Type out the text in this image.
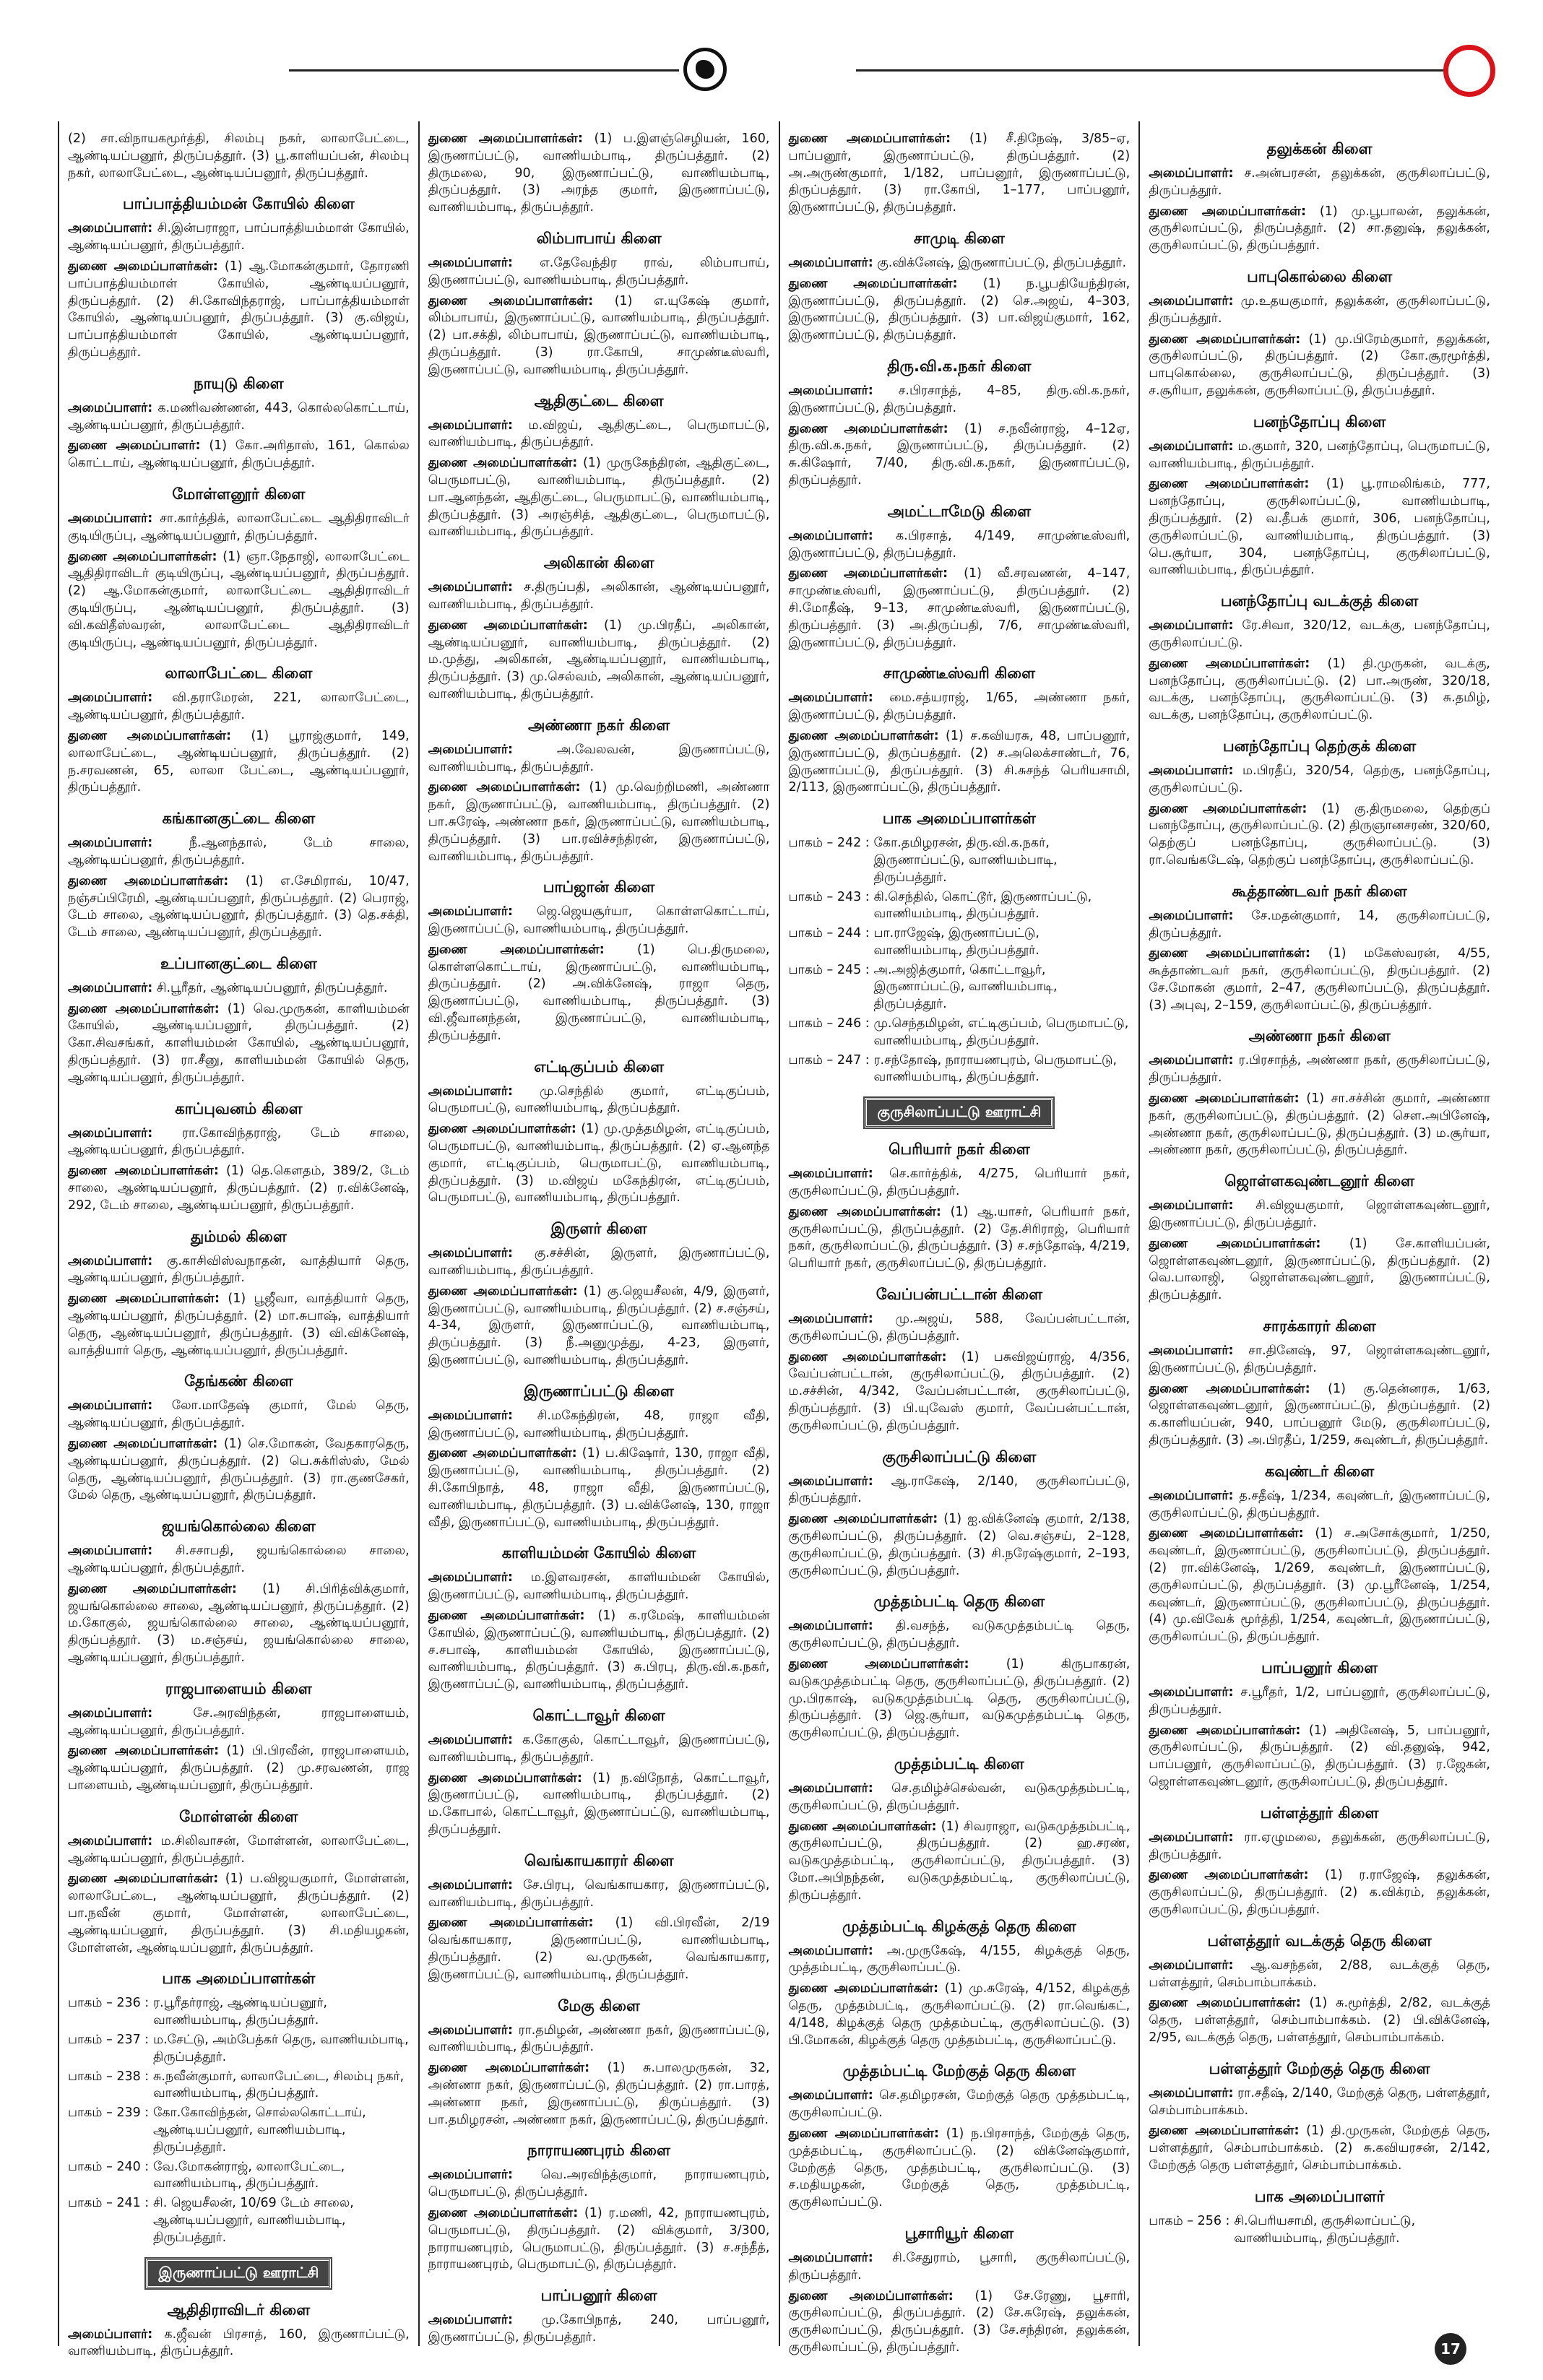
(2) சா.விநாயகமூர்த்தி, சிலம்பு நகர், லாலாபேட்டை, ஆண்டியப்பனூர், திருப்பத்தூர். (3) பூ.காளியப்பன், சிலம்பு நகர், லாலாபேட்டை, ஆண்டியப்பனூர், திருப்பத்தூர்.
பாப்பாத்தியம்மன் கோயில் கிளை
அமைப்பாளர்: சி.இன்பராஜா, பாப்பாத்தியம்மாள் கோயில், ஆண்டியப்பனூர், திருப்பத்தூர்.
துணை அமைப்பாளர்கள்: (1) ஆ.மோகன்குமார், தோரணி பாப்பாத்தியம்மாள் கோயில், ஆண்டியப்பனூர், திருப்பத்தூர். (2) சி.கோவிந்தராஜ், பாப்பாத்தியம்மாள் கோயில், ஆண்டியப்பனூர், திருப்பத்தூர். (3) கு.விஜய், பாப்பாத்தியம்மாள் கோயில், ஆண்டியப்பனூர், திருப்பத்தூர்.
நாயுடு கிளை
அமைப்பாளர்: க.மணிவண்ணன், 443, கொல்லகொட்டாய், ஆண்டியப்பனூர், திருப்பத்தூர்.
துணை அமைப்பாளர்: (1) கோ.அரிதாஸ், 161, கொல்ல கொட்டாய், ஆண்டியப்பனூர், திருப்பத்தூர்.
மோள்ளனூர் கிளை
அமைப்பாளர்: சா.கார்த்திக், லாலாபேட்டை ஆதிதிராவிடர் குடியிருப்பு, ஆண்டியப்பனூர், திருப்பத்தூர்.
துணை அமைப்பாளர்கள்: (1) ஞா.நேதாஜி, லாலாபேட்டை ஆதிதிராவிடர் குடியிருப்பு, ஆண்டியப்பனூர், திருப்பத்தூர். (2) ஆ.மோகன்குமார், லாலாபேட்டை ஆதிதிராவிடர் குடியிருப்பு, ஆண்டியப்பனூர், திருப்பத்தூர். (3) வி.கவிதீஸ்வரன், லாலாபேட்டை ஆதிதிராவிடர் குடியிருப்பு, ஆண்டியப்பனூர், திருப்பத்தூர்.
லாலாபேட்டை கிளை
அமைப்பாளர்: வி.தராமேரன், 221, லாலாபேட்டை, ஆண்டியப்பனூர், திருப்பத்தூர்.
துணை அமைப்பாளர்கள்: (1) பூராஜ்குமார், 149, லாலாபேட்டை, ஆண்டியப்பனூர், திருப்பத்தூர். (2) ந.சரவணன், 65, லாலா பேட்டை, ஆண்டியப்பனூர், திருப்பத்தூர்.
கங்கானகுட்டை கிளை
அமைப்பாளர்: நீ.ஆனந்தால், டேம் சாலை, ஆண்டியப்பனூர், திருப்பத்தூர்.
துணை அமைப்பாளர்கள்: (1) எ.சேமிராவ், 10/47, நஞ்சப்பிரேமி, ஆண்டியப்பனூர், திருப்பத்தூர். (2) பெராஜ், டேம் சாலை, ஆண்டியப்பனூர், திருப்பத்தூர். (3) தெ.சக்தி, டேம் சாலை, ஆண்டியப்பனூர், திருப்பத்தூர்.
உப்பானகுட்டை கிளை
அமைப்பாளர்: சி.பூரீதர், ஆண்டியப்பனூர், திருப்பத்தூர்.
துணை அமைப்பாளர்கள்: (1) வெ.முருகன், காளியம்மன் கோயில், ஆண்டியப்பனூர், திருப்பத்தூர். (2) கோ.சிவசங்கர், காளியம்மன் கோயில், ஆண்டியப்பனூர், திருப்பத்தூர். (3) ரா.சீனு, காளியம்மன் கோயில் தெரு, ஆண்டியப்பனூர், திருப்பத்தூர்.
காப்புவனம் கிளை
அமைப்பாளர்: ரா.கோவிந்தராஜ், டேம் சாலை, ஆண்டியப்பனூர், திருப்பத்தூர்.
துணை அமைப்பாளர்கள்: (1) தெ.கௌதம், 389/2, டேம் சாலை, ஆண்டியப்பனூர், திருப்பத்தூர். (2) ர.விக்னேஷ், 292, டேம் சாலை, ஆண்டியப்பனூர், திருப்பத்தூர்.
தும்மல் கிளை
அமைப்பாளர்: கு.காசிவிஸ்வநாதன், வாத்தியார் தெரு, ஆண்டியப்பனூர், திருப்பத்தூர்.
துணை அமைப்பாளர்கள்: (1) பூஜீவா, வாத்தியார் தெரு, ஆண்டியப்பனூர், திருப்பத்தூர். (2) மா.சுபாஷ், வாத்தியார் தெரு, ஆண்டியப்பனூர், திருப்பத்தூர். (3) வி.விக்னேஷ், வாத்தியார் தெரு, ஆண்டியப்பனூர், திருப்பத்தூர்.
தேங்கண் கிளை
அமைப்பாளர்: லோ.மாதேஷ் குமார், மேல் தெரு, ஆண்டியப்பனூர், திருப்பத்தூர்.
துணை அமைப்பாளர்கள்: (1) செ.மோகன், வேதகாரதெரு, ஆண்டியப்பனூர், திருப்பத்தூர். (2) பெ.சுக்ரிஸ்ஸ், மேல் தெரு, ஆண்டியப்பனூர், திருப்பத்தூர். (3) ரா.குணசேகர், மேல் தெரு, ஆண்டியப்பனூர், திருப்பத்தூர்.
ஜயங்கொல்லை கிளை
அமைப்பாளர்: சி.சசாபதி, ஜயங்கொல்லை சாலை, ஆண்டியப்பனூர், திருப்பத்தூர்.
துணை அமைப்பாளர்கள்: (1) சி.பிரித்விக்குமார், ஜயங்கொல்லை சாலை, ஆண்டியப்பனூர், திருப்பத்தூர். (2) ம.கோகுல், ஜயங்கொல்லை சாலை, ஆண்டியப்பனூர், திருப்பத்தூர். (3) ம.சஞ்சய், ஜயங்கொல்லை சாலை, ஆண்டியப்பனூர், திருப்பத்தூர்.
ராஜபாளையம் கிளை
அமைப்பாளர்: சே.அரவிந்தன், ராஜபாளையம், ஆண்டியப்பனூர், திருப்பத்தூர்.
துணை அமைப்பாளர்கள்: (1) பி.பிரவீன், ராஜபாளையம், ஆண்டியப்பனூர், திருப்பத்தூர். (2) மு.சரவணன், ராஜ பாளையம், ஆண்டியப்பனூர், திருப்பத்தூர்.
மோள்ளன் கிளை
அமைப்பாளர்: ம.சிலிவாசன், மோள்ளன், லாலாபேட்டை, ஆண்டியப்பனூர், திருப்பத்தூர்.
துணை அமைப்பாளர்கள்: (1) ப.விஜயகுமார், மோள்ளன், லாலாபேட்டை, ஆண்டியப்பனூர், திருப்பத்தூர். (2) பா.நவீன் குமார், மோள்ளன், லாலாபேட்டை, ஆண்டியப்பனூர், திருப்பத்தூர். (3) சி.மதியழகன், மோள்ளன், ஆண்டியப்பனூர், திருப்பத்தூர்.
பாக அமைப்பாளர்கள்
பாகம் – 236 : ர.பூரீதர்ராஜ், ஆண்டியப்பனூர், வாணியம்பாடி, திருப்பத்தூர்.
பாகம் – 237 : ம.சேட்டு, அம்பேத்கர் தெரு, வாணியம்பாடி, திருப்பத்தூர்.
பாகம் – 238 : சு.நவீன்குமார், லாலாபேட்டை, சிலம்பு நகர், வாணியம்பாடி, திருப்பத்தூர்.
பாகம் – 239 : கோ.கோவிந்தன், சொல்லகொட்டாய், ஆண்டியப்பனூர், வாணியம்பாடி, திருப்பத்தூர்.
பாகம் – 240 : வே.மோகன்ராஜ், லாலாபேட்டை, வாணியம்பாடி, திருப்பத்தூர்.
பாகம் – 241 : சி. ஜெயசீலன், 10/69 டேம் சாலை, ஆண்டியப்பனூர், வாணியம்பாடி, திருப்பத்தூர்.
இருணாப்பட்டு ஊராட்சி
ஆதிதிராவிடர் கிளை
அமைப்பாளர்: க.ஜீவன் பிரசாத், 160, இருணாப்பட்டு, வாணியம்பாடி, திருப்பத்தூர்.
துணை அமைப்பாளர்கள்: (1) ப.இளஞ்செழியன், 160, இருணாப்பட்டு, வாணியம்பாடி, திருப்பத்தூர். (2) திருமலை, 90, இருணாப்பட்டு, வாணியம்பாடி, திருப்பத்தூர். (3) அரந்த குமார், இருணாப்பட்டு, வாணியம்பாடி, திருப்பத்தூர்.
லிம்பாபாய் கிளை
அமைப்பாளர்: எ.தேவேந்திர ராவ், லிம்பாபாய், இருணாப்பட்டு, வாணியம்பாடி, திருப்பத்தூர்.
துணை அமைப்பாளர்கள்: (1) எ.யுகேஷ் குமார், லிம்பாபாய், இருணாப்பட்டு, வாணியம்பாடி, திருப்பத்தூர். (2) பா.சக்தி, லிம்பாபாய், இருணாப்பட்டு, வாணியம்பாடி, திருப்பத்தூர். (3) ரா.கோபி, சாமுண்டீஸ்வரி, இருணாப்பட்டு, வாணியம்பாடி, திருப்பத்தூர்.
ஆதிகுட்டை கிளை
அமைப்பாளர்: ம.விஜய், ஆதிகுட்டை, பெருமாபட்டு, வாணியம்பாடி, திருப்பத்தூர்.
துணை அமைப்பாளர்கள்: (1) முருகேந்திரன், ஆதிகுட்டை, பெருமாபட்டு, வாணியம்பாடி, திருப்பத்தூர். (2) பா.ஆனந்தன், ஆதிகுட்டை, பெருமாபட்டு, வாணியம்பாடி, திருப்பத்தூர். (3) அரஞ்சித், ஆதிகுட்டை, பெருமாபட்டு, வாணியம்பாடி, திருப்பத்தூர்.
அலிகான் கிளை
அமைப்பாளர்: ச.திருப்பதி, அலிகான், ஆண்டியப்பனூர், வாணியம்பாடி, திருப்பத்தூர்.
துணை அமைப்பாளர்கள்: (1) மு.பிரதீப், அலிகான், ஆண்டியப்பனூர், வாணியம்பாடி, திருப்பத்தூர். (2) ம.முத்து, அலிகான், ஆண்டியப்பனூர், வாணியம்பாடி, திருப்பத்தூர். (3) மு.செல்வம், அலிகான், ஆண்டியப்பனூர், வாணியம்பாடி, திருப்பத்தூர்.
அண்ணா நகர் கிளை
அமைப்பாளர்: அ.வேலவன், இருணாப்பட்டு, வாணியம்பாடி, திருப்பத்தூர்.
துணை அமைப்பாளர்கள்: (1) மு.வெற்றிமணி, அண்ணா நகர், இருணாப்பட்டு, வாணியம்பாடி, திருப்பத்தூர். (2) பா.சுரேஷ், அண்ணா நகர், இருணாப்பட்டு, வாணியம்பாடி, திருப்பத்தூர். (3) பா.ரவிச்சந்திரன், இருணாப்பட்டு, வாணியம்பாடி, திருப்பத்தூர்.
பாப்ஜான் கிளை
அமைப்பாளர்: ஜெ.ஜெயசூர்யா, கொள்ளகொட்டாய், இருணாப்பட்டு, வாணியம்பாடி, திருப்பத்தூர்.
துணை அமைப்பாளர்கள்: (1) பெ.திருமலை, கொள்ளகொட்டாய், இருணாப்பட்டு, வாணியம்பாடி, திருப்பத்தூர். (2) அ.விக்னேஷ், ராஜா தெரு, இருணாப்பட்டு, வாணியம்பாடி, திருப்பத்தூர். (3) வி.ஜீவானந்தன், இருணாப்பட்டு, வாணியம்பாடி, திருப்பத்தூர்.
எட்டிகுப்பம் கிளை
அமைப்பாளர்: மு.செந்தில் குமார், எட்டிகுப்பம், பெருமாபட்டு, வாணியம்பாடி, திருப்பத்தூர்.
துணை அமைப்பாளர்கள்: (1) மு.முத்தமிழன், எட்டிகுப்பம், பெருமாபட்டு, வாணியம்பாடி, திருப்பத்தூர். (2) ஏ.ஆனந்த குமார், எட்டிகுப்பம், பெருமாபட்டு, வாணியம்பாடி, திருப்பத்தூர். (3) ம.விஜய் மகேந்திரன், எட்டிகுப்பம், பெருமாபட்டு, வாணியம்பாடி, திருப்பத்தூர்.
இருளர் கிளை
அமைப்பாளர்: கு.சச்சின், இருளர், இருணாப்பட்டு, வாணியம்பாடி, திருப்பத்தூர்.
துணை அமைப்பாளர்கள்: (1) கு.ஜெயசீலன், 4/9, இருளர், இருணாப்பட்டு, வாணியம்பாடி, திருப்பத்தூர். (2) ச.சஞ்சய், 4-34, இருளர், இருணாப்பட்டு, வாணியம்பாடி, திருப்பத்தூர். (3) நீ.அனுமுத்து, 4-23, இருளர், இருணாப்பட்டு, வாணியம்பாடி, திருப்பத்தூர்.
இருணாப்பட்டு கிளை
அமைப்பாளர்: சி.மகேந்திரன், 48, ராஜா வீதி, இருணாப்பட்டு, வாணியம்பாடி, திருப்பத்தூர்.
துணை அமைப்பாளர்கள்: (1) ப.கிஷோர், 130, ராஜா வீதி, இருணாப்பட்டு, வாணியம்பாடி, திருப்பத்தூர். (2) சி.கோபிநாத், 48, ராஜா வீதி, இருணாப்பட்டு, வாணியம்பாடி, திருப்பத்தூர். (3) ப.விக்னேஷ், 130, ராஜா வீதி, இருணாப்பட்டு, வாணியம்பாடி, திருப்பத்தூர்.
காளியம்மன் கோயில் கிளை
அமைப்பாளர்: ம.இளவரசன், காளியம்மன் கோயில், இருணாப்பட்டு, வாணியம்பாடி, திருப்பத்தூர்.
துணை அமைப்பாளர்கள்: (1) க.ரமேஷ், காளியம்மன் கோயில், இருணாப்பட்டு, வாணியம்பாடி, திருப்பத்தூர். (2) ச.சபாஷ், காளியம்மன் கோயில், இருணாப்பட்டு, வாணியம்பாடி, திருப்பத்தூர். (3) சு.பிரபு, திரு.வி.க.நகர், இருணாப்பட்டு, வாணியம்பாடி, திருப்பத்தூர்.
கொட்டாவூர் கிளை
அமைப்பாளர்: க.கோகுல், கொட்டாவூர், இருணாப்பட்டு, வாணியம்பாடி, திருப்பத்தூர்.
துணை அமைப்பாளர்கள்: (1) ந.விநோத், கொட்டாவூர், இருணாப்பட்டு, வாணியம்பாடி, திருப்பத்தூர். (2) ம.கோபால், கொட்டாவூர், இருணாப்பட்டு, வாணியம்பாடி, திருப்பத்தூர்.
வெங்காயகாரர் கிளை
அமைப்பாளர்: சே.பிரபு, வெங்காயகார, இருணாப்பட்டு, வாணியம்பாடி, திருப்பத்தூர்.
துணை அமைப்பாளர்கள்: (1) வி.பிரவீன், 2/19 வெங்காயகார, இருணாப்பட்டு, வாணியம்பாடி, திருப்பத்தூர். (2) வ.முருகன், வெங்காயகார, இருணாப்பட்டு, வாணியம்பாடி, திருப்பத்தூர்.
மேகு கிளை
அமைப்பாளர்: ரா.தமிழன், அண்ணா நகர், இருணாப்பட்டு, வாணியம்பாடி, திருப்பத்தூர்.
துணை அமைப்பாளர்கள்: (1) சு.பாலமுருகன், 32, அண்ணா நகர், இருணாப்பட்டு, திருப்பத்தூர். (2) ரா.பாரத், அண்ணா நகர், இருணாப்பட்டு, திருப்பத்தூர். (3) பா.தமிழரசன், அண்ணா நகர், இருணாப்பட்டு, திருப்பத்தூர்.
நாராயணபுரம் கிளை
அமைப்பாளர்: வெ.அரவிந்த்குமார், நாராயணபுரம், பெருமாபட்டு, திருப்பத்தூர்.
துணை அமைப்பாளர்கள்: (1) ர.மணி, 42, நாராயணபுரம், பெருமாபட்டு, திருப்பத்தூர். (2) விக்குமார், 3/300, நாராயணபுரம், பெருமாபட்டு, திருப்பத்தூர். (3) ச.சந்தீத், நாராயணபுரம், பெருமாபட்டு, திருப்பத்தூர்.
பாப்பனூர் கிளை
அமைப்பாளர்: மு.கோபிநாத், 240, பாப்பனூர், இருணாப்பட்டு, திருப்பத்தூர்.
துணை அமைப்பாளர்கள்: (1) சீ.திநேஷ், 3/85–ஏ, பாப்பனூர், இருணாப்பட்டு, திருப்பத்தூர். (2) அ.அருண்குமார், 1/182, பாப்பனூர், இருணாப்பட்டு, திருப்பத்தூர். (3) ரா.கோபி, 1–177, பாப்பனூர், இருணாப்பட்டு, திருப்பத்தூர்.
சாமுடி கிளை
அமைப்பாளர்: கு.விக்னேஷ், இருணாப்பட்டு, திருப்பத்தூர்.
துணை அமைப்பாளர்கள்: (1) ந.பூபதியேந்திரன், இருணாப்பட்டு, திருப்பத்தூர். (2) செ.அஜய், 4–303, இருணாப்பட்டு, திருப்பத்தூர். (3) பா.விஜய்குமார், 162, இருணாப்பட்டு, திருப்பத்தூர்.
திரு.வி.க.நகர் கிளை
அமைப்பாளர்: ச.பிரசாந்த், 4–85, திரு.வி.க.நகர், இருணாப்பட்டு, திருப்பத்தூர்.
துணை அமைப்பாளர்கள்: (1) ச.நவீன்ராஜ், 4–12ஏ, திரு.வி.க.நகர், இருணாப்பட்டு, திருப்பத்தூர். (2) சு.கிஷோர், 7/40, திரு.வி.க.நகர், இருணாப்பட்டு, திருப்பத்தூர்.
அமட்டாமேடு கிளை
அமைப்பாளர்: க.பிரசாத், 4/149, சாமுண்டீஸ்வரி, இருணாப்பட்டு, திருப்பத்தூர்.
துணை அமைப்பாளர்கள்: (1) வீ.சரவணன், 4–147, சாமுண்டீஸ்வரி, இருணாப்பட்டு, திருப்பத்தூர். (2) சி.மோதீஷ், 9–13, சாமுண்டீஸ்வரி, இருணாப்பட்டு, திருப்பத்தூர். (3) அ.திருப்பதி, 7/6, சாமுண்டீஸ்வரி, இருணாப்பட்டு, திருப்பத்தூர்.
சாமுண்டீஸ்வரி கிளை
அமைப்பாளர்: மை.சத்யராஜ், 1/65, அண்ணா நகர், இருணாப்பட்டு, திருப்பத்தூர்.
துணை அமைப்பாளர்கள்: (1) ச.கவியரசு, 48, பாப்பனூர், இருணாப்பட்டு, திருப்பத்தூர். (2) ச.அலெக்சாண்டர், 76, இருணாப்பட்டு, திருப்பத்தூர். (3) சி.சுசந்த் பெரியசாமி, 2/113, இருணாப்பட்டு, திருப்பத்தூர்.
பாக அமைப்பாளர்கள்
பாகம் – 242 : கோ.தமிழரசன், திரு.வி.க.நகர், இருணாப்பட்டு, வாணியம்பாடி, திருப்பத்தூர்.
பாகம் – 243 : கி.செந்தில், கொட்டூர், இருணாப்பட்டு, வாணியம்பாடி, திருப்பத்தூர்.
பாகம் – 244 : பா.ராஜேஷ், இருணாப்பட்டு, வாணியம்பாடி, திருப்பத்தூர்.
பாகம் – 245 : அ.அஜித்குமார், கொட்டாவூர், இருணாப்பட்டு, வாணியம்பாடி, திருப்பத்தூர்.
பாகம் – 246 : மு.செந்தமிழன், எட்டிகுப்பம், பெருமாபட்டு, வாணியம்பாடி, திருப்பத்தூர்.
பாகம் – 247 : ர.சந்தோஷ், நாராயணபுரம், பெருமாபட்டு, வாணியம்பாடி, திருப்பத்தூர்.
குருசிலாப்பட்டு ஊராட்சி
பெரியார் நகர் கிளை
அமைப்பாளர்: செ.கார்த்திக், 4/275, பெரியார் நகர், குருசிலாப்பட்டு, திருப்பத்தூர்.
துணை அமைப்பாளர்கள்: (1) ஆ.யாசர், பெரியார் நகர், குருசிலாப்பட்டு, திருப்பத்தூர். (2) தே.சிரிராஜ், பெரியார் நகர், குருசிலாப்பட்டு, திருப்பத்தூர். (3) ச.சந்தோஷ், 4/219, பெரியார் நகர், குருசிலாப்பட்டு, திருப்பத்தூர்.
வேப்பன்பட்டான் கிளை
அமைப்பாளர்: மு.அஜய், 588, வேப்பன்பட்டான், குருசிலாப்பட்டு, திருப்பத்தூர்.
துணை அமைப்பாளர்கள்: (1) பசுவிஜய்ராஜ், 4/356, வேப்பன்பட்டான், குருசிலாப்பட்டு, திருப்பத்தூர். (2) ம.சச்சின், 4/342, வேப்பன்பட்டான், குருசிலாப்பட்டு, திருப்பத்தூர். (3) பி.யுவேஸ் குமார், வேப்பன்பட்டான், குருசிலாப்பட்டு, திருப்பத்தூர்.
குருசிலாப்பட்டு கிளை
அமைப்பாளர்: ஆ.ராகேஷ், 2/140, குருசிலாப்பட்டு, திருப்பத்தூர்.
துணை அமைப்பாளர்கள்: (1) ஐ.விக்னேஷ் குமார், 2/138, குருசிலாப்பட்டு, திருப்பத்தூர். (2) வெ.சஞ்சய், 2–128, குருசிலாப்பட்டு, திருப்பத்தூர். (3) சி.நரேஷ்குமார், 2–193, குருசிலாப்பட்டு, திருப்பத்தூர்.
முத்தம்பட்டி தெரு கிளை
அமைப்பாளர்: தி.வசந்த், வடுகமுத்தம்பட்டி தெரு, குருசிலாப்பட்டு, திருப்பத்தூர்.
துணை அமைப்பாளர்கள்: (1) கிருபாகரன், வடுகமுத்தம்பட்டி தெரு, குருசிலாப்பட்டு, திருப்பத்தூர். (2) மு.பிரகாஷ், வடுகமுத்தம்பட்டி தெரு, குருசிலாப்பட்டு, திருப்பத்தூர். (3) ஜெ.சூர்யா, வடுகமுத்தம்பட்டி தெரு, குருசிலாப்பட்டு, திருப்பத்தூர்.
முத்தம்பட்டி கிளை
அமைப்பாளர்: செ.தமிழ்ச்செல்வன், வடுகமுத்தம்பட்டி, குருசிலாப்பட்டு, திருப்பத்தூர்.
துணை அமைப்பாளர்கள்: (1) சிவராஜா, வடுகமுத்தம்பட்டி, குருசிலாப்பட்டு, திருப்பத்தூர். (2) ஹ.சரண், வடுகமுத்தம்பட்டி, குருசிலாப்பட்டு, திருப்பத்தூர். (3) மோ.அபிநந்தன், வடுகமுத்தம்பட்டி, குருசிலாப்பட்டு, திருப்பத்தூர்.
முத்தம்பட்டி கிழக்குத் தெரு கிளை
அமைப்பாளர்: அ.முருகேஷ், 4/155, கிழக்குத் தெரு, முத்தம்பட்டி, குருசிலாப்பட்டு.
துணை அமைப்பாளர்கள்: (1) மு.சுரேஷ், 4/152, கிழக்குத் தெரு, முத்தம்பட்டி, குருசிலாப்பட்டு. (2) ரா.வெங்கட், 4/148, கிழக்குத் தெரு முத்தம்பட்டி, குருசிலாப்பட்டு. (3) பி.மோகன், கிழக்குத் தெரு முத்தம்பட்டி, குருசிலாப்பட்டு.
முத்தம்பட்டி மேற்குத் தெரு கிளை
அமைப்பாளர்: செ.தமிழரசன், மேற்குத் தெரு முத்தம்பட்டி, குருசிலாப்பட்டு.
துணை அமைப்பாளர்கள்: (1) ந.பிரசாந்த், மேற்குத் தெரு, முத்தம்பட்டி, குருசிலாப்பட்டு. (2) விக்னேஷ்குமார், மேற்குத் தெரு, முத்தம்பட்டி, குருசிலாப்பட்டு. (3) ச.மதியழகன், மேற்குத் தெரு, முத்தம்பட்டி, குருசிலாப்பட்டு.
பூசாரியூர் கிளை
அமைப்பாளர்: சி.சேதுராம், பூசாரி, குருசிலாப்பட்டு, திருப்பத்தூர்.
துணை அமைப்பாளர்கள்: (1) சே.ரேணு, பூசாரி, குருசிலாப்பட்டு, திருப்பத்தூர். (2) சே.சுரேஷ், தலுக்கன், குருசிலாப்பட்டு, திருப்பத்தூர். (3) சே.சந்திரன், தலுக்கன், குருசிலாப்பட்டு, திருப்பத்தூர்.
தலுக்கன் கிளை
அமைப்பாளர்: ச.அன்பரசன், தலுக்கன், குருசிலாப்பட்டு, திருப்பத்தூர்.
துணை அமைப்பாளர்கள்: (1) மு.பூபாலன், தலுக்கன், குருசிலாப்பட்டு, திருப்பத்தூர். (2) சா.தனுஷ், தலுக்கன், குருசிலாப்பட்டு, திருப்பத்தூர்.
பாபுகொல்லை கிளை
அமைப்பாளர்: மு.உதயகுமார், தலுக்கன், குருசிலாப்பட்டு, திருப்பத்தூர்.
துணை அமைப்பாளர்கள்: (1) மு.பிரேம்குமார், தலுக்கன், குருசிலாப்பட்டு, திருப்பத்தூர். (2) கோ.சூரமூர்த்தி, பாபுகொல்லை, குருசிலாப்பட்டு, திருப்பத்தூர். (3) ச.சூரியா, தலுக்கன், குருசிலாப்பட்டு, திருப்பத்தூர்.
பனந்தோப்பு கிளை
அமைப்பாளர்: ம.குமார், 320, பனந்தோப்பு, பெருமாபட்டு, வாணியம்பாடி, திருப்பத்தூர்.
துணை அமைப்பாளர்கள்: (1) பூ.ராமலிங்கம், 777, பனந்தோப்பு, குருசிலாப்பட்டு, வாணியம்பாடி, திருப்பத்தூர். (2) வ.தீபக் குமார், 306, பனந்தோப்பு, குருசிலாப்பட்டு, வாணியம்பாடி, திருப்பத்தூர். (3) பெ.சூர்யா, 304, பனந்தோப்பு, குருசிலாப்பட்டு, வாணியம்பாடி, திருப்பத்தூர்.
பனந்தோப்பு வடக்குத் கிளை
அமைப்பாளர்: ரே.சிவா, 320/12, வடக்கு, பனந்தோப்பு, குருசிலாப்பட்டு.
துணை அமைப்பாளர்கள்: (1) தி.முருகன், வடக்கு, பனந்தோப்பு, குருசிலாப்பட்டு. (2) பா.அருண், 320/18, வடக்கு, பனந்தோப்பு, குருசிலாப்பட்டு. (3) சு.தமிழ், வடக்கு, பனந்தோப்பு, குருசிலாப்பட்டு.
பனந்தோப்பு தெற்குக் கிளை
அமைப்பாளர்: ம.பிரதீப், 320/54, தெற்கு, பனந்தோப்பு, குருசிலாப்பட்டு.
துணை அமைப்பாளர்கள்: (1) கு.திருமலை, தெற்குப் பனந்தோப்பு, குருசிலாப்பட்டு. (2) திருஞானசரண், 320/60, தெற்குப் பனந்தோப்பு, குருசிலாப்பட்டு. (3) ரா.வெங்கடேஷ், தெற்குப் பனந்தோப்பு, குருசிலாப்பட்டு.
கூத்தாண்டவர் நகர் கிளை
அமைப்பாளர்: சே.மதன்குமார், 14, குருசிலாப்பட்டு, திருப்பத்தூர்.
துணை அமைப்பாளர்கள்: (1) மகேஸ்வரன், 4/55, கூத்தாண்டவர் நகர், குருசிலாப்பட்டு, திருப்பத்தூர். (2) சே.மோகன் குமார், 2–47, குருசிலாப்பட்டு, திருப்பத்தூர். (3) அபுவு, 2–159, குருசிலாப்பட்டு, திருப்பத்தூர்.
அண்ணா நகர் கிளை
அமைப்பாளர்: ர.பிரசாந்த், அண்ணா நகர், குருசிலாப்பட்டு, திருப்பத்தூர்.
துணை அமைப்பாளர்கள்: (1) சா.சச்சின் குமார், அண்ணா நகர், குருசிலாப்பட்டு, திருப்பத்தூர். (2) செள.அபினேஷ், அண்ணா நகர், குருசிலாப்பட்டு, திருப்பத்தூர். (3) ம.சூர்யா, அண்ணா நகர், குருசிலாப்பட்டு, திருப்பத்தூர்.
ஜொள்ளகவுண்டனூர் கிளை
அமைப்பாளர்: சி.விஜயகுமார், ஜொள்ளகவுண்டனூர், இருணாப்பட்டு, திருப்பத்தூர்.
துணை அமைப்பாளர்கள்: (1) சே.காளியப்பன், ஜொள்ளகவுண்டனூர், இருணாப்பட்டு, திருப்பத்தூர். (2) வெ.பாலாஜி, ஜொள்ளகவுண்டனூர், இருணாப்பட்டு, திருப்பத்தூர்.
சாரக்காரர் கிளை
அமைப்பாளர்: சா.தினேஷ், 97, ஜொள்ளகவுண்டனூர், இருணாப்பட்டு, திருப்பத்தூர்.
துணை அமைப்பாளர்கள்: (1) கு.தென்னரசு, 1/63, ஜொள்ளகவுண்டனூர், இருணாப்பட்டு, திருப்பத்தூர். (2) க.காளியப்பன், 940, பாப்பனூர் மேடு, குருசிலாப்பட்டு, திருப்பத்தூர். (3) அ.பிரதீப், 1/259, சுவுண்டர், திருப்பத்தூர்.
கவுண்டர் கிளை
அமைப்பாளர்: த.சதீஷ், 1/234, கவுண்டர், இருணாப்பட்டு, குருசிலாப்பட்டு, திருப்பத்தூர்.
துணை அமைப்பாளர்கள்: (1) ச.அசோக்குமார், 1/250, கவுண்டர், இருணாப்பட்டு, குருசிலாப்பட்டு, திருப்பத்தூர். (2) ரா.விக்னேஷ், 1/269, கவுண்டர், இருணாப்பட்டு, குருசிலாப்பட்டு, திருப்பத்தூர். (3) மு.பூரீனேஷ், 1/254, கவுண்டர், இருணாப்பட்டு, குருசிலாப்பட்டு, திருப்பத்தூர். (4) மு.விவேக் மூர்த்தி, 1/254, கவுண்டர், இருணாப்பட்டு, குருசிலாப்பட்டு, திருப்பத்தூர்.
பாப்பனூர் கிளை
அமைப்பாளர்: ச.பூரீதர், 1/2, பாப்பனூர், குருசிலாப்பட்டு, திருப்பத்தூர்.
துணை அமைப்பாளர்கள்: (1) அதினேஷ், 5, பாப்பனூர், குருசிலாப்பட்டு, திருப்பத்தூர். (2) வி.தனுஷ், 942, பாப்பனூர், குருசிலாப்பட்டு, திருப்பத்தூர். (3) ர.ஜேகன், ஜொள்ளகவுண்டனூர், குருசிலாப்பட்டு, திருப்பத்தூர்.
பள்ளத்தூர் கிளை
அமைப்பாளர்: ரா.ஏழுமலை, தலுக்கன், குருசிலாப்பட்டு, திருப்பத்தூர்.
துணை அமைப்பாளர்கள்: (1) ர.ராஜேஷ், தலுக்கன், குருசிலாப்பட்டு, திருப்பத்தூர். (2) க.விக்ரம், தலுக்கன், குருசிலாப்பட்டு, திருப்பத்தூர்.
பள்ளத்தூர் வடக்குத் தெரு கிளை
அமைப்பாளர்: ஆ.வசந்தன், 2/88, வடக்குத் தெரு, பள்ளத்தூர், செம்பாம்பாக்கம்.
துணை அமைப்பாளர்கள்: (1) சு.மூர்த்தி, 2/82, வடக்குத் தெரு, பள்ளத்தூர், செம்பாம்பாக்கம். (2) பி.விக்னேஷ், 2/95, வடக்குத் தெரு, பள்ளத்தூர், செம்பாம்பாக்கம்.
பள்ளத்தூர் மேற்குத் தெரு கிளை
அமைப்பாளர்: ரா.சதீஷ், 2/140, மேற்குத் தெரு, பள்ளத்தூர், செம்பாம்பாக்கம்.
துணை அமைப்பாளர்கள்: (1) தி.முருகன், மேற்குத் தெரு, பள்ளத்தூர், செம்பாம்பாக்கம். (2) சு.கவியரசன், 2/142, மேற்குத் தெரு பள்ளத்தூர், செம்பாம்பாக்கம்.
பாக அமைப்பாளர்
பாகம் – 256 : சி.பெரியசாமி, குருசிலாப்பட்டு, வாணியம்பாடி, திருப்பத்தூர்.
17
